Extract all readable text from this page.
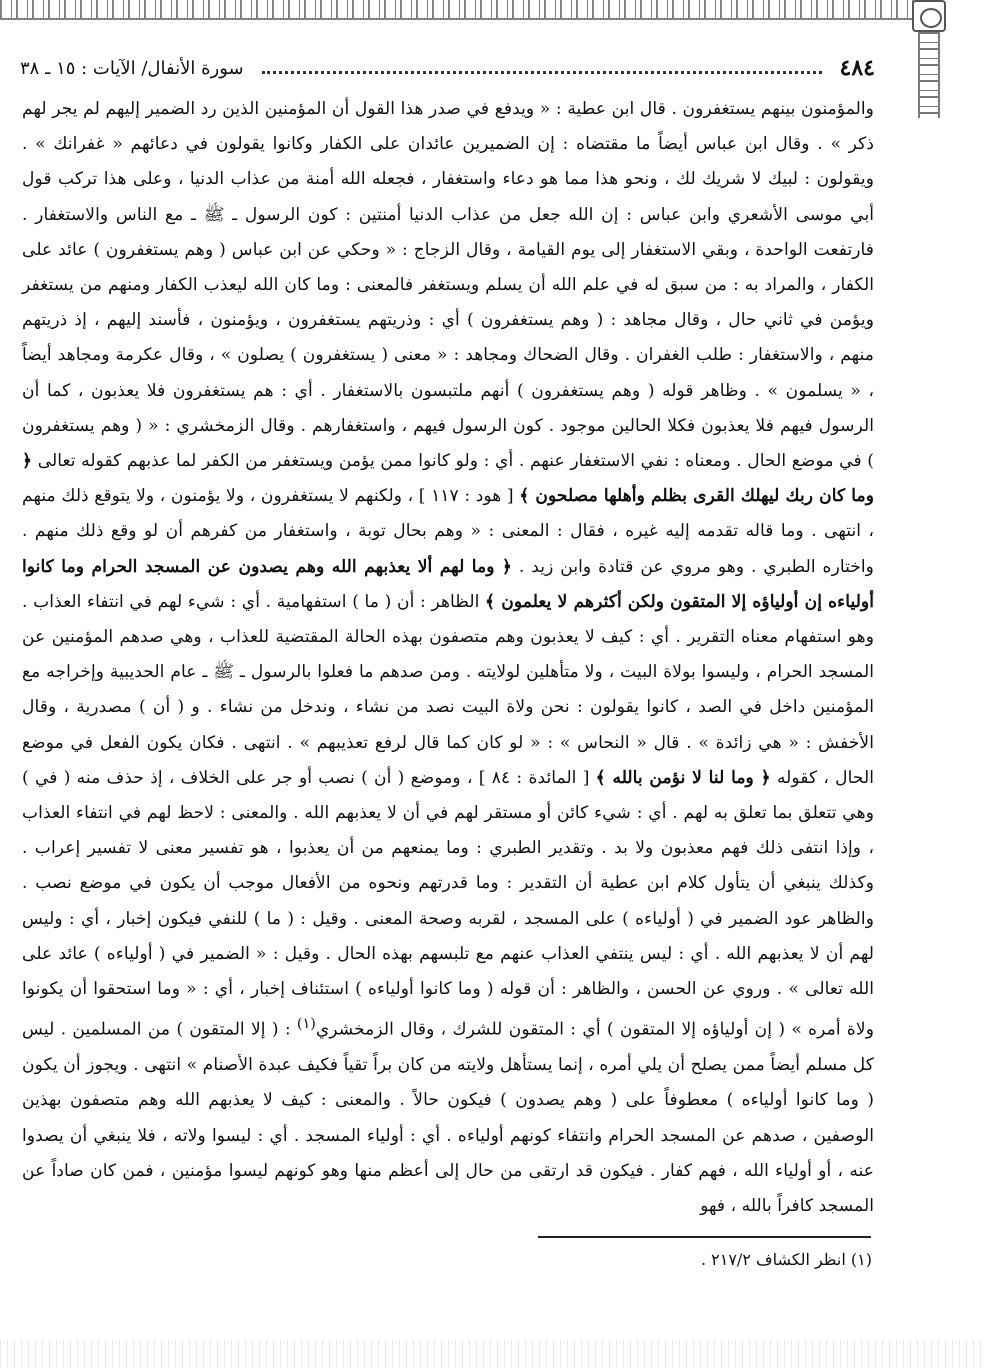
٤٨٤
سورة الأنفال/ الآيات : ١٥ ـ ٣٨

والمؤمنون بينهم يستغفرون . قال ابن عطية : « ويدفع في صدر هذا القول أن المؤمنين الذين رد الضمير إليهم لم يجر لهم ذكر » . وقال ابن عباس أيضاً ما مقتضاه : إن الضميرين عائدان على الكفار وكانوا يقولون في دعائهم « غفرانك » . ويقولون : لبيك لا شريك لك ، ونحو هذا مما هو دعاء واستغفار ، فجعله الله أمنة من عذاب الدنيا ، وعلى هذا تركب قول أبي موسى الأشعري وابن عباس : إن الله جعل من عذاب الدنيا أمنتين : كون الرسول ـ ﷺ ـ مع الناس والاستغفار . فارتفعت الواحدة ، وبقي الاستغفار إلى يوم القيامة ، وقال الزجاج : « وحكي عن ابن عباس ( وهم يستغفرون ) عائد على الكفار ، والمراد به : من سبق له في علم الله أن يسلم ويستغفر فالمعنى : وما كان الله ليعذب الكفار ومنهم من يستغفر ويؤمن في ثاني حال ، وقال مجاهد : ( وهم يستغفرون ) أي : وذريتهم يستغفرون ، ويؤمنون ، فأسند إليهم ، إذ ذريتهم منهم ، والاستغفار : طلب الغفران . وقال الضحاك ومجاهد : « معنى ( يستغفرون ) يصلون » ، وقال عكرمة ومجاهد أيضاً ، « يسلمون » . وظاهر قوله ( وهم يستغفرون ) أنهم ملتبسون بالاستغفار . أي : هم يستغفرون فلا يعذبون ، كما أن الرسول فيهم فلا يعذبون فكلا الحالين موجود . كون الرسول فيهم ، واستغفارهم . وقال الزمخشري : « ( وهم يستغفرون ) في موضع الحال . ومعناه : نفي الاستغفار عنهم . أي : ولو كانوا ممن يؤمن ويستغفر من الكفر لما عذبهم كقوله تعالى ﴿ وما كان ربك ليهلك القرى بظلم وأهلها مصلحون ﴾ [ هود : ١١٧ ] ، ولكنهم لا يستغفرون ، ولا يؤمنون ، ولا يتوقع ذلك منهم ، انتهى . وما قاله تقدمه إليه غيره ، فقال : المعنى : « وهم بحال توبة ، واستغفار من كفرهم أن لو وقع ذلك منهم . واختاره الطبري . وهو مروي عن قتادة وابن زيد . ﴿ وما لهم ألا يعذبهم الله وهم يصدون عن المسجد الحرام وما كانوا أولياءه إن أولياؤه إلا المتقون ولكن أكثرهم لا يعلمون ﴾ الظاهر : أن ( ما ) استفهامية . أي : شيء لهم في انتفاء العذاب . وهو استفهام معناه التقرير . أي : كيف لا يعذبون وهم متصفون بهذه الحالة المقتضية للعذاب ، وهي صدهم المؤمنين عن المسجد الحرام ، وليسوا بولاة البيت ، ولا متأهلين لولايته . ومن صدهم ما فعلوا بالرسول ـ ﷺ ـ عام الحديبية وإخراجه مع المؤمنين داخل في الصد ، كانوا يقولون : نحن ولاة البيت نصد من نشاء ، وندخل من نشاء . و ( أن ) مصدرية ، وقال الأخفش : « هي زائدة » . قال « النحاس » : « لو كان كما قال لرفع تعذيبهم » . انتهى . فكان يكون الفعل في موضع الحال ، كقوله ﴿ وما لنا لا نؤمن بالله ﴾ [ المائدة : ٨٤ ] ، وموضع ( أن ) نصب أو جر على الخلاف ، إذ حذف منه ( في ) وهي تتعلق بما تعلق به لهم . أي : شيء كائن أو مستقر لهم في أن لا يعذبهم الله . والمعنى : لاحظ لهم في انتفاء العذاب ، وإذا انتفى ذلك فهم معذبون ولا بد . وتقدير الطبري : وما يمنعهم من أن يعذبوا ، هو تفسير معنى لا تفسير إعراب . وكذلك ينبغي أن يتأول كلام ابن عطية أن التقدير : وما قدرتهم ونحوه من الأفعال موجب أن يكون في موضع نصب . والظاهر عود الضمير في ( أولياءه ) على المسجد ، لقربه وصحة المعنى . وقيل : ( ما ) للنفي فيكون إخبار ، أي : وليس لهم أن لا يعذبهم الله . أي : ليس ينتفي العذاب عنهم مع تلبسهم بهذه الحال . وقيل : « الضمير في ( أولياءه ) عائد على الله تعالى » . وروي عن الحسن ، والظاهر : أن قوله ( وما كانوا أولياءه ) استئناف إخبار ، أي : « وما استحقوا أن يكونوا ولاة أمره » ( إن أولياؤه إلا المتقون ) أي : المتقون للشرك ، وقال الزمخشري$^{(١)}$ : ( إلا المتقون ) من المسلمين . ليس كل مسلم أيضاً ممن يصلح أن يلي أمره ، إنما يستأهل ولايته من كان براً تقياً فكيف عبدة الأصنام » انتهى . ويجوز أن يكون ( وما كانوا أولياءه ) معطوفاً على ( وهم يصدون ) فيكون حالاً . والمعنى : كيف لا يعذبهم الله وهم متصفون بهذين الوصفين ، صدهم عن المسجد الحرام وانتفاء كونهم أولياءه . أي : أولياء المسجد . أي : ليسوا ولاته ، فلا ينبغي أن يصدوا عنه ، أو أولياء الله ، فهم كفار . فيكون قد ارتقى من حال إلى أعظم منها وهو كونهم ليسوا مؤمنين ، فمن كان صاداً عن المسجد كافراً بالله ، فهو

(١) انظر الكشاف ٢١٧/٢ .
